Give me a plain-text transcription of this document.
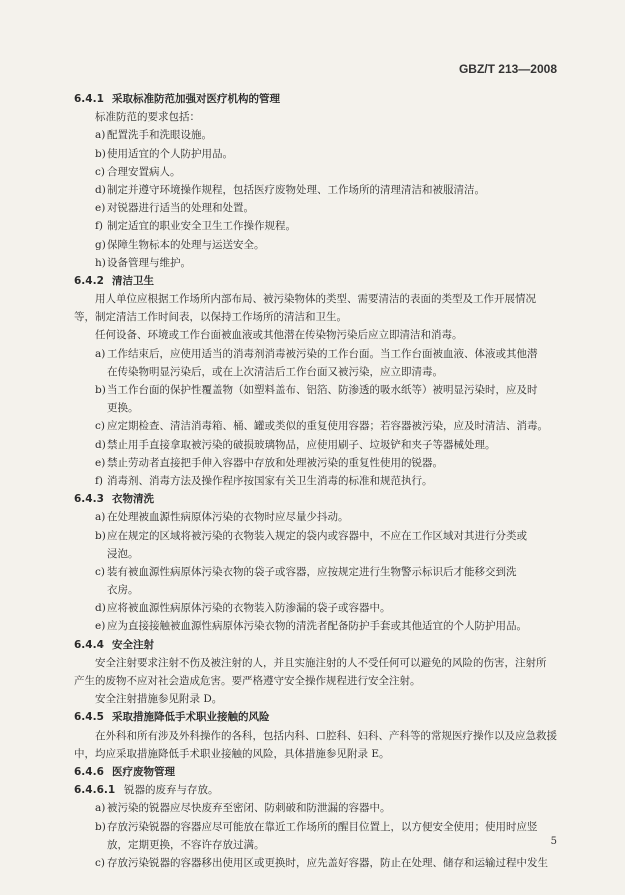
GBZ/T 213—2008
6.4.1 采取标准防范加强对医疗机构的管理
标准防范的要求包括：
a) 配置洗手和洗眼设施。
b)使用适宜的个人防护用品。
c) 合理安置病人。
d)制定并遵守环境操作规程，包括医疗废物处理、工作场所的清理清洁和被服清洁。
e) 对锐器进行适当的处理和处置。
f) 制定适宜的职业安全卫生工作操作规程。
g)保障生物标本的处理与运送安全。
h)设备管理与维护。
6.4.2 清洁卫生
用人单位应根据工作场所内部布局、被污染物体的类型、需要清洁的表面的类型及工作开展情况
等，制定清洁工作时间表，以保持工作场所的清洁和卫生。
任何设备、环境或工作台面被血液或其他潜在传染物污染后应立即清洁和消毒。
a) 工作结束后，应使用适当的消毒剂消毒被污染的工作台面。当工作台面被血液、体液或其他潜
在传染物明显污染后，或在上次清洁后工作台面又被污染，应立即清毒。
b)当工作台面的保护性覆盖物（如塑料盖布、铝箔、防渗透的吸水纸等）被明显污染时，应及时
更换。
c) 应定期检查、清洁消毒箱、桶、罐或类似的重复使用容器；若容器被污染，应及时清洁、消毒。
d)禁止用手直接拿取被污染的破损玻璃物品，应使用刷子、垃圾铲和夹子等器械处理。
e) 禁止劳动者直接把手伸入容器中存放和处理被污染的重复性使用的锐器。
f) 消毒剂、消毒方法及操作程序按国家有关卫生消毒的标准和规范执行。
6.4.3 衣物清洗
a) 在处理被血源性病原体污染的衣物时应尽量少抖动。
b)应在规定的区域将被污染的衣物装入规定的袋内或容器中，不应在工作区域对其进行分类或
浸泡。
c) 装有被血源性病原体污染衣物的袋子或容器，应按规定进行生物警示标识后才能移交到洗
衣房。
d)应将被血源性病原体污染的衣物装入防渗漏的袋子或容器中。
e) 应为直接接触被血源性病原体污染衣物的清洗者配备防护手套或其他适宜的个人防护用品。
6.4.4 安全注射
安全注射要求注射不伤及被注射的人，并且实施注射的人不受任何可以避免的风险的伤害，注射所
产生的废物不应对社会造成危害。要严格遵守安全操作规程进行安全注射。
安全注射措施参见附录 D。
6.4.5 采取措施降低手术职业接触的风险
在外科和所有涉及外科操作的各科，包括内科、口腔科、妇科、产科等的常规医疗操作以及应急救援
中，均应采取措施降低手术职业接触的风险，具体措施参见附录 E。
6.4.6 医疗废物管理
6.4.6.1 锐器的废弃与存放。
a) 被污染的锐器应尽快废弃至密闭、防刺破和防泄漏的容器中。
b)存放污染锐器的容器应尽可能放在靠近工作场所的醒目位置上，以方便安全使用；使用时应竖
放，定期更换，不容许存放过满。
c) 存放污染锐器的容器移出使用区或更换时，应先盖好容器，防止在处理、储存和运输过程中发生
5
